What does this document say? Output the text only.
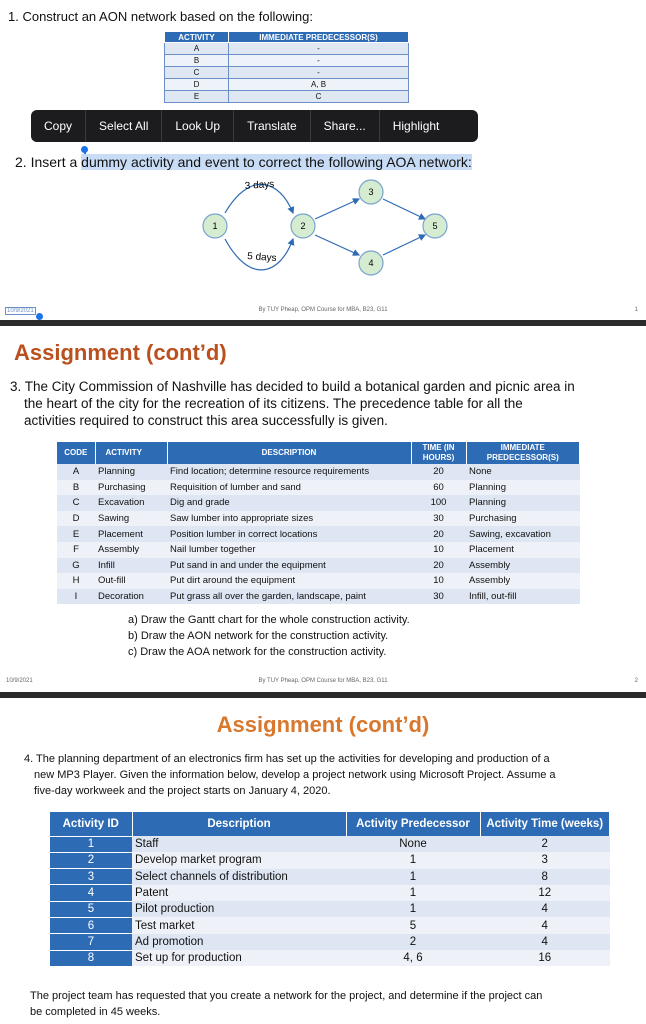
1. Construct an AON network based on the following:
ACTIVITY	IMMEDIATE PREDECESSOR(S)
A	-
B	-
C	-
D	A, B
E	C
Copy	Select All	Look Up	Translate	Share...	Highlight
2. Insert a dummy activity and event to correct the following AOA network:
1	2
3
4
5
3 days
5 days
10/9/2021	By TUY Pheap, OPM Course for MBA, B23, G11	1
Assignment (cont’d)
3. The City Commission of Nashville has decided to build a botanical garden and picnic area in
the heart of the city for the recreation of its citizens. The precedence table for all the
activities required to construct this area successfully is given.
CODE	ACTIVITY	DESCRIPTION	TIME (IN HOURS)	IMMEDIATE PREDECESSOR(S)
A	Planning	Find location; determine resource requirements	20	None
B	Purchasing	Requisition of lumber and sand	60	Planning
C	Excavation	Dig and grade	100	Planning
D	Sawing	Saw lumber into appropriate sizes	30	Purchasing
E	Placement	Position lumber in correct locations	20	Sawing, excavation
F	Assembly	Nail lumber together	10	Placement
G	Infill	Put sand in and under the equipment	20	Assembly
H	Out-fill	Put dirt around the equipment	10	Assembly
I	Decoration	Put grass all over the garden, landscape, paint	30	Infill, out-fill
a) Draw the Gantt chart for the whole construction activity.
b) Draw the AON network for the construction activity.
c) Draw the AOA network for the construction activity.
10/9/2021	By TUY Pheap, OPM Course for MBA, B23, G11	2
Assignment (cont’d)
4. The planning department of an electronics firm has set up the activities for developing and production of a
new MP3 Player. Given the information below, develop a project network using Microsoft Project. Assume a
five-day workweek and the project starts on January 4, 2020.
Activity ID	Description	Activity Predecessor	Activity Time (weeks)
1	Staff	None	2
2	Develop market program	1	3
3	Select channels of distribution	1	8
4	Patent	1	12
5	Pilot production	1	4
6	Test market	5	4
7	Ad promotion	2	4
8	Set up for production	4, 6	16
The project team has requested that you create a network for the project, and determine if the project can
be completed in 45 weeks.
